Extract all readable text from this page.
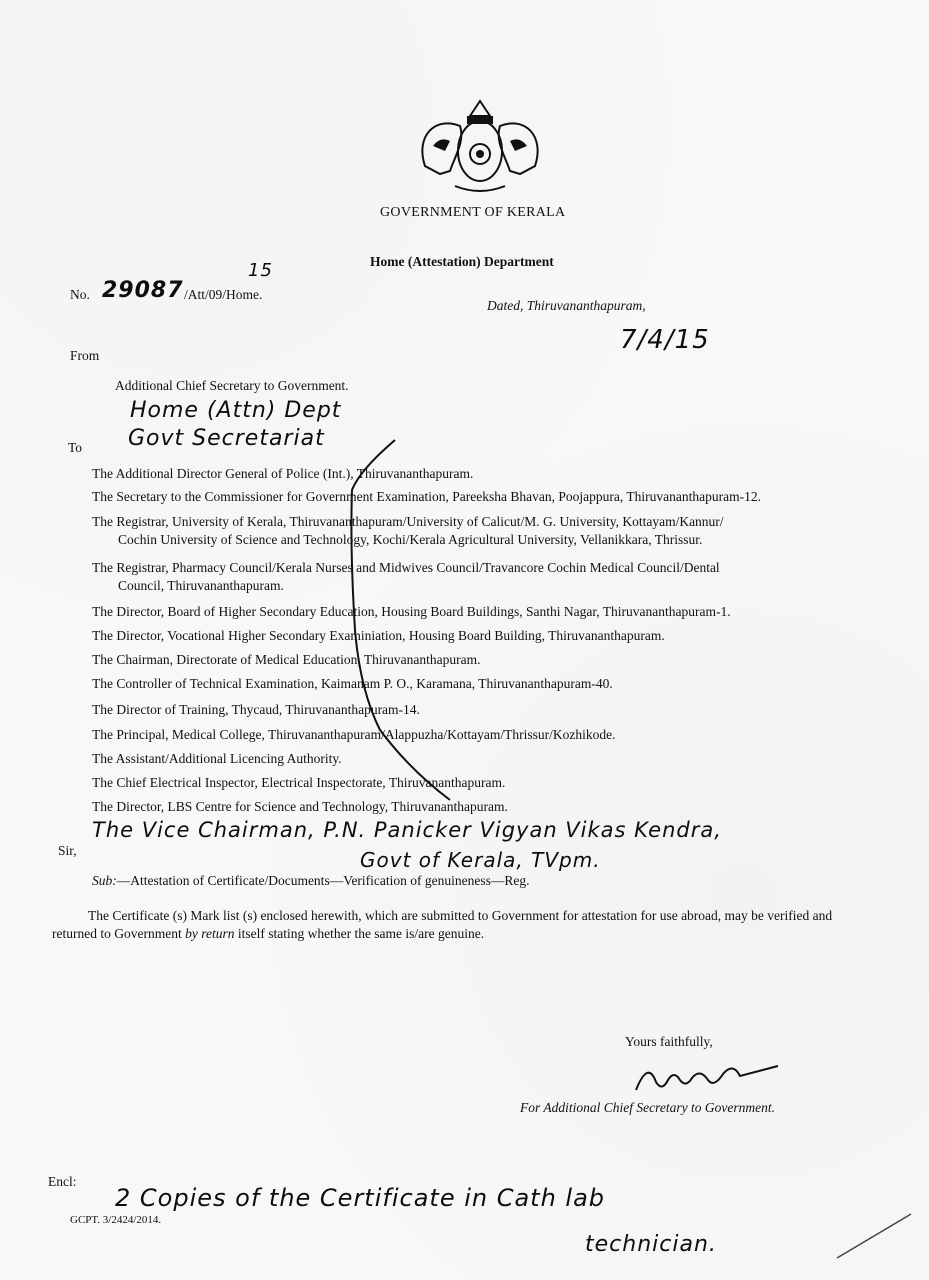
GOVERNMENT OF KERALA
Home (Attestation) Department
No. 29087 /Att/09/Home.
15
Dated, Thiruvananthapuram,
7/4/15
From
Additional Chief Secretary to Government.
Home (Attn) Dept
Govt Secretariat
To
The Additional Director General of Police (Int.), Thiruvananthapuram.
The Secretary to the Commissioner for Government Examination, Pareeksha Bhavan, Poojappura, Thiruvananthapuram-12.
The Registrar, University of Kerala, Thiruvananthapuram/University of Calicut/M. G. University, Kottayam/Kannur/
Cochin University of Science and Technology, Kochi/Kerala Agricultural University, Vellanikkara, Thrissur.
The Registrar, Pharmacy Council/Kerala Nurses and Midwives Council/Travancore Cochin Medical Council/Dental
Council, Thiruvananthapuram.
The Director, Board of Higher Secondary Education, Housing Board Buildings, Santhi Nagar, Thiruvananthapuram-1.
The Director, Vocational Higher Secondary Examiniation, Housing Board Building, Thiruvananthapuram.
The Chairman, Directorate of Medical Education, Thiruvananthapuram.
The Controller of Technical Examination, Kaimanam P. O., Karamana, Thiruvananthapuram-40.
The Director of Training, Thycaud, Thiruvananthapuram-14.
The Principal, Medical College, Thiruvananthapuram/Alappuzha/Kottayam/Thrissur/Kozhikode.
The Assistant/Additional Licencing Authority.
The Chief Electrical Inspector, Electrical Inspectorate, Thiruvananthapuram.
The Director, LBS Centre for Science and Technology, Thiruvananthapuram.
The Vice Chairman, P.N. Panicker Vigyan Vikas Kendra,
Govt of Kerala, TVpm.
Sir,
Sub:—Attestation of Certificate/Documents—Verification of genuineness—Reg.
The Certificate (s) Mark list (s) enclosed herewith, which are submitted to Government for attestation for use abroad, may be verified and returned to Government by return itself stating whether the same is/are genuine.
Yours faithfully,
For Additional Chief Secretary to Government.
Encl:
2 Copies of the Certificate in Cath lab
technician.
GCPT. 3/2424/2014.
